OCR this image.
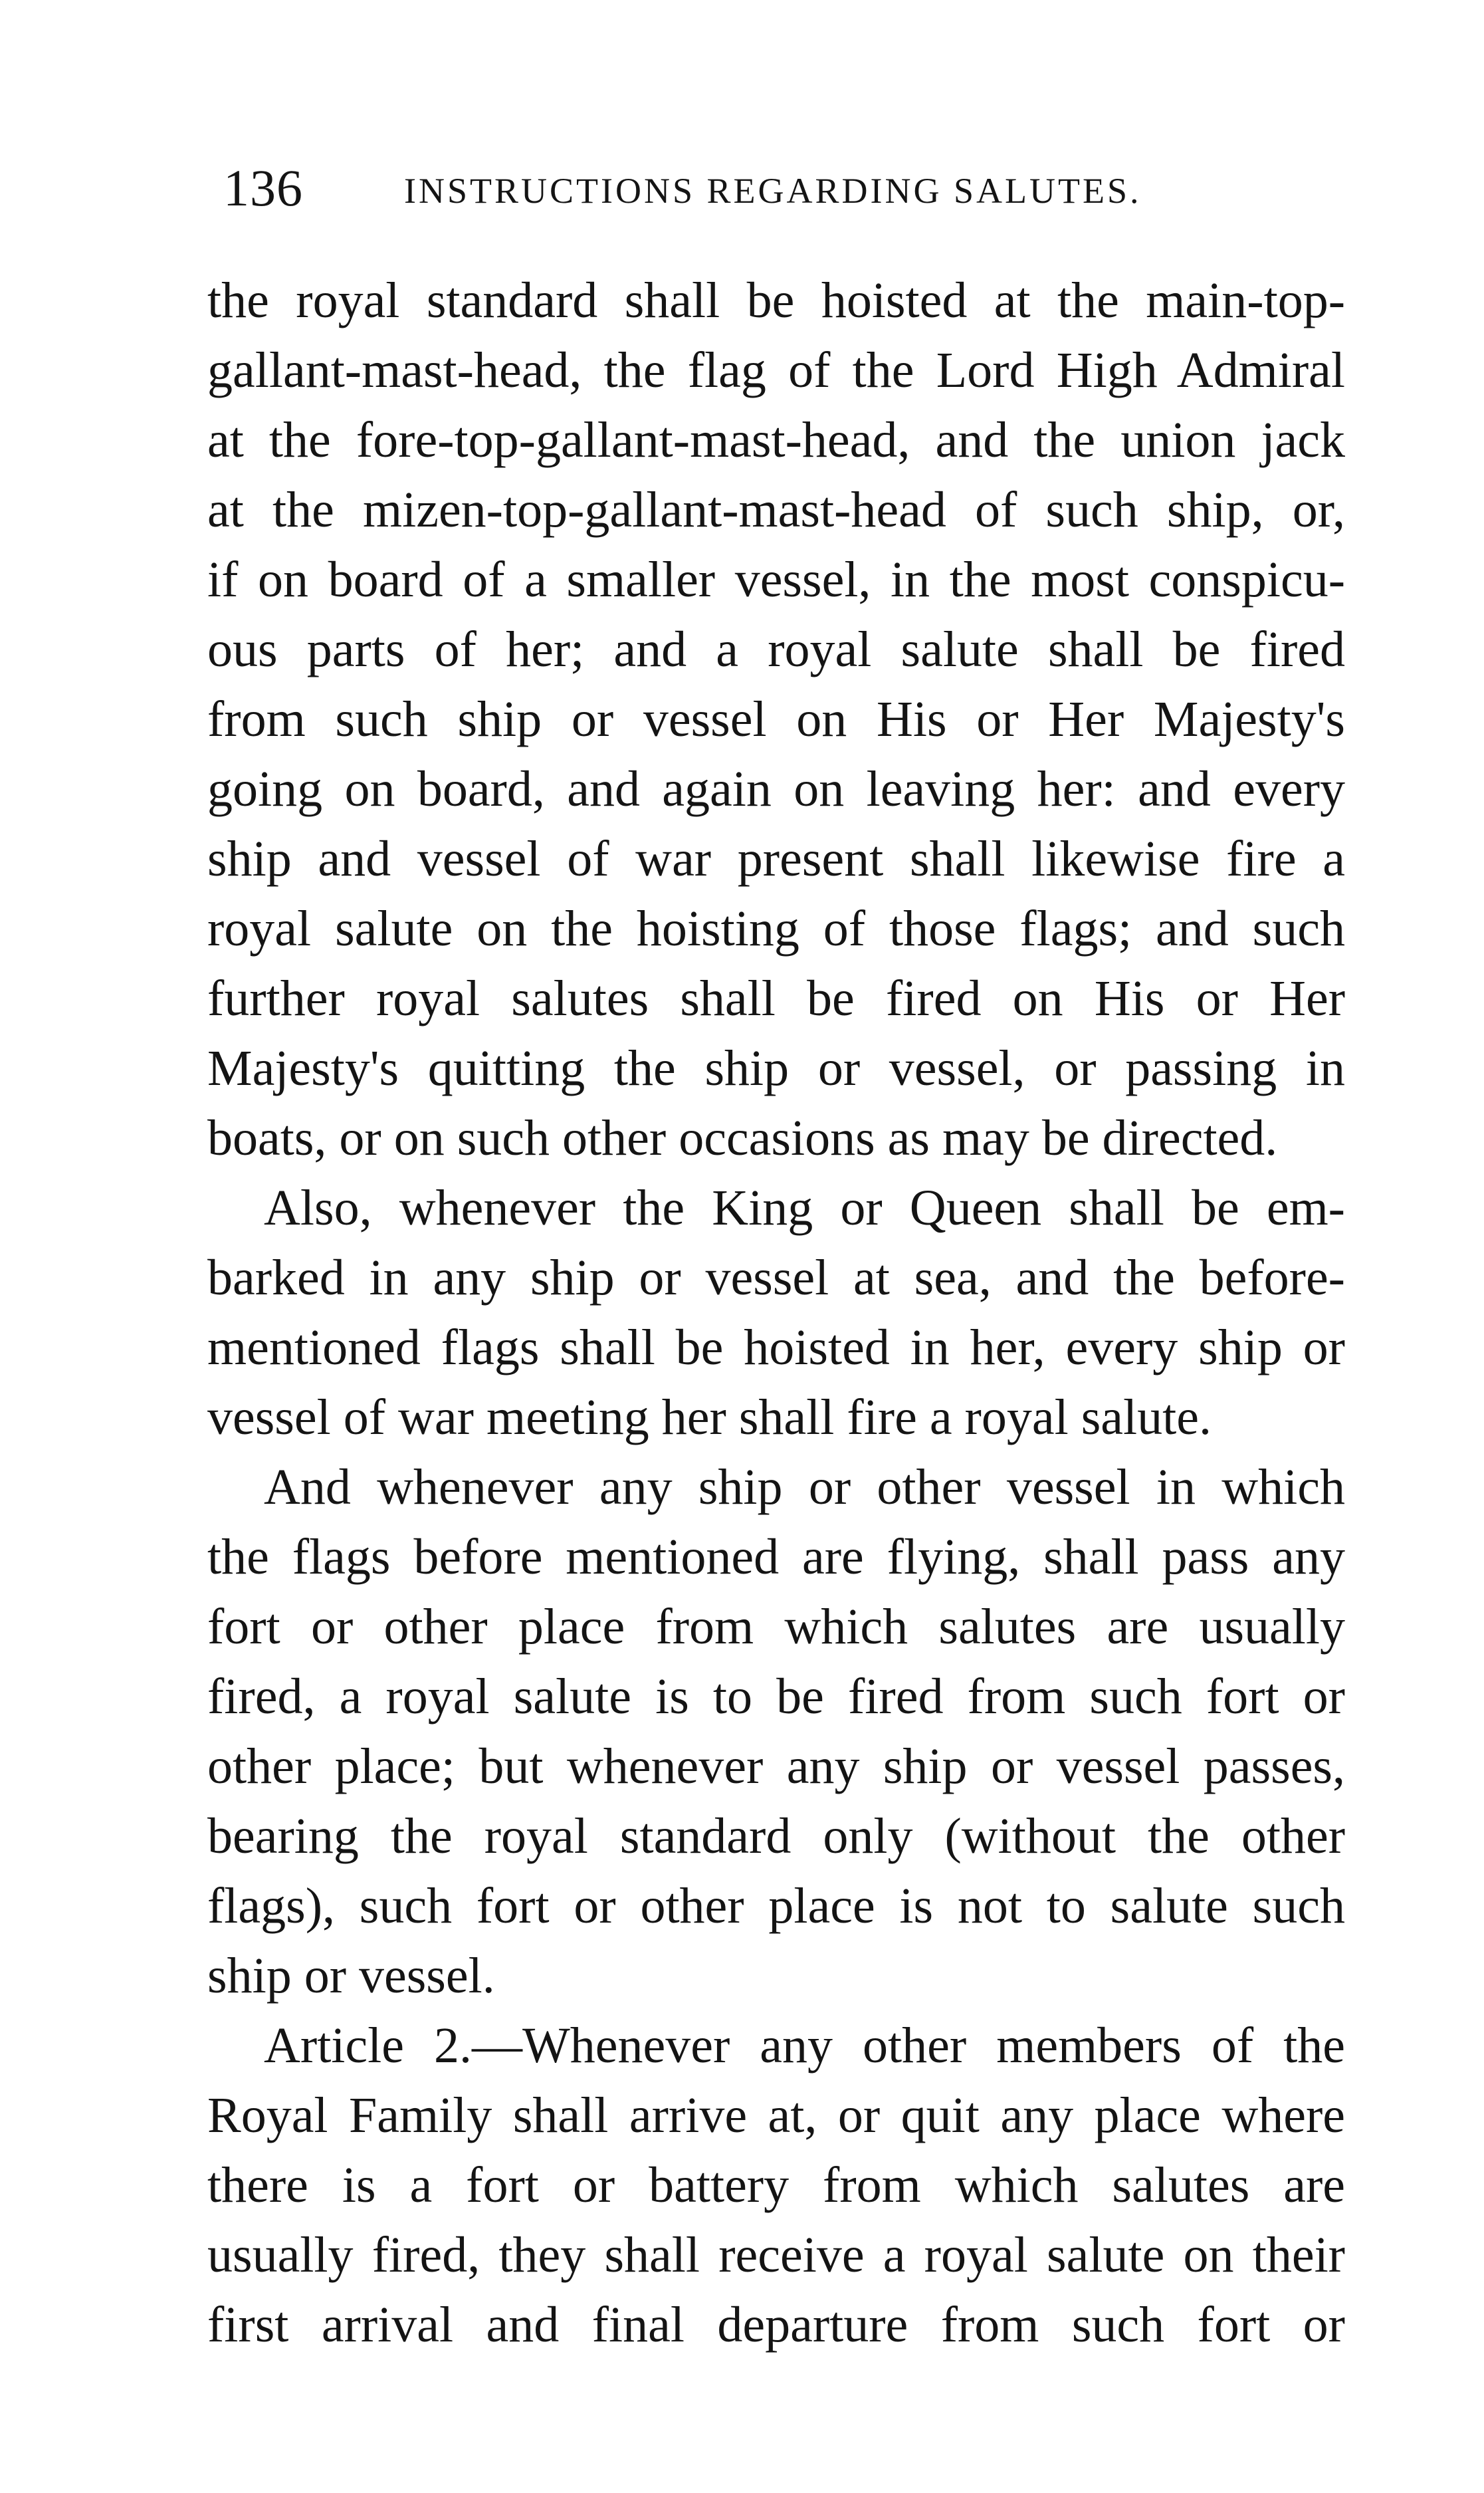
136	INSTRUCTIONS REGARDING SALUTES.
the royal standard shall be hoisted at the main-top-
gallant-mast-head, the flag of the Lord High Admiral
at the fore-top-gallant-mast-head, and the union jack
at the mizen-top-gallant-mast-head of such ship, or,
if on board of a smaller vessel, in the most conspicu-
ous parts of her; and a royal salute shall be fired
from such ship or vessel on His or Her Majesty's
going on board, and again on leaving her: and every
ship and vessel of war present shall likewise fire a
royal salute on the hoisting of those flags; and such
further royal salutes shall be fired on His or Her
Majesty's quitting the ship or vessel, or passing in
boats, or on such other occasions as may be directed.
Also, whenever the King or Queen shall be em-
barked in any ship or vessel at sea, and the before-
mentioned flags shall be hoisted in her, every ship or
vessel of war meeting her shall fire a royal salute.
And whenever any ship or other vessel in which
the flags before mentioned are flying, shall pass any
fort or other place from which salutes are usually
fired, a royal salute is to be fired from such fort or
other place; but whenever any ship or vessel passes,
bearing the royal standard only (without the other
flags), such fort or other place is not to salute such
ship or vessel.
Article 2.—Whenever any other members of the
Royal Family shall arrive at, or quit any place where
there is a fort or battery from which salutes are
usually fired, they shall receive a royal salute on their
first arrival and final departure from such fort or
